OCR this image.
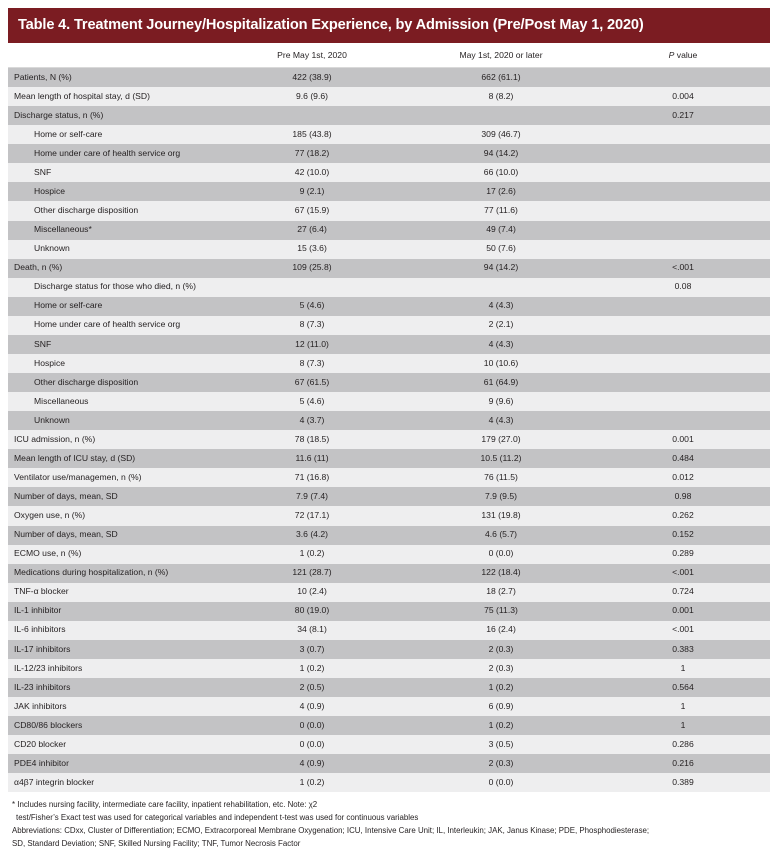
Table 4. Treatment Journey/Hospitalization Experience, by Admission (Pre/Post May 1, 2020)
	Pre May 1st, 2020	May 1st, 2020 or later	P value
Patients, N (%)	422 (38.9)	662 (61.1)	
Mean length of hospital stay, d (SD)	9.6 (9.6)	8 (8.2)	0.004
Discharge status, n (%)			0.217
Home or self-care	185 (43.8)	309 (46.7)	
Home under care of health service org	77 (18.2)	94 (14.2)	
SNF	42 (10.0)	66 (10.0)	
Hospice	9 (2.1)	17 (2.6)	
Other discharge disposition	67 (15.9)	77 (11.6)	
Miscellaneous*	27 (6.4)	49 (7.4)	
Unknown	15 (3.6)	50 (7.6)	
Death, n (%)	109 (25.8)	94 (14.2)	<.001
Discharge status for those who died, n (%)			0.08
Home or self-care	5 (4.6)	4 (4.3)	
Home under care of health service org	8 (7.3)	2 (2.1)	
SNF	12 (11.0)	4 (4.3)	
Hospice	8 (7.3)	10 (10.6)	
Other discharge disposition	67 (61.5)	61 (64.9)	
Miscellaneous	5 (4.6)	9 (9.6)	
Unknown	4 (3.7)	4 (4.3)	
ICU admission, n (%)	78 (18.5)	179 (27.0)	0.001
Mean length of ICU stay, d (SD)	11.6 (11)	10.5 (11.2)	0.484
Ventilator use/managemen, n (%)	71 (16.8)	76 (11.5)	0.012
Number of days, mean, SD	7.9 (7.4)	7.9 (9.5)	0.98
Oxygen use, n (%)	72 (17.1)	131 (19.8)	0.262
Number of days, mean, SD	3.6 (4.2)	4.6 (5.7)	0.152
ECMO use, n (%)	1 (0.2)	0 (0.0)	0.289
Medications during hospitalization, n (%)	121 (28.7)	122 (18.4)	<.001
TNF-α blocker	10 (2.4)	18 (2.7)	0.724
IL-1 inhibitor	80 (19.0)	75 (11.3)	0.001
IL-6 inhibitors	34 (8.1)	16 (2.4)	<.001
IL-17 inhibitors	3 (0.7)	2 (0.3)	0.383
IL-12/23 inhibitors	1 (0.2)	2 (0.3)	1
IL-23 inhibitors	2 (0.5)	1 (0.2)	0.564
JAK inhibitors	4 (0.9)	6 (0.9)	1
CD80/86 blockers	0 (0.0)	1 (0.2)	1
CD20 blocker	0 (0.0)	3 (0.5)	0.286
PDE4 inhibitor	4 (0.9)	2 (0.3)	0.216
α4β7 integrin blocker	1 (0.2)	0 (0.0)	0.389
* Includes nursing facility, intermediate care facility, inpatient rehabilitation, etc. Note: χ2
test/Fisher’s Exact test was used for categorical variables and independent t-test was used for continuous variables
Abbreviations: CDxx, Cluster of Differentiation; ECMO, Extracorporeal Membrane Oxygenation; ICU, Intensive Care Unit; IL, Interleukin; JAK, Janus Kinase; PDE, Phosphodiesterase;
SD, Standard Deviation; SNF, Skilled Nursing Facility; TNF, Tumor Necrosis Factor
